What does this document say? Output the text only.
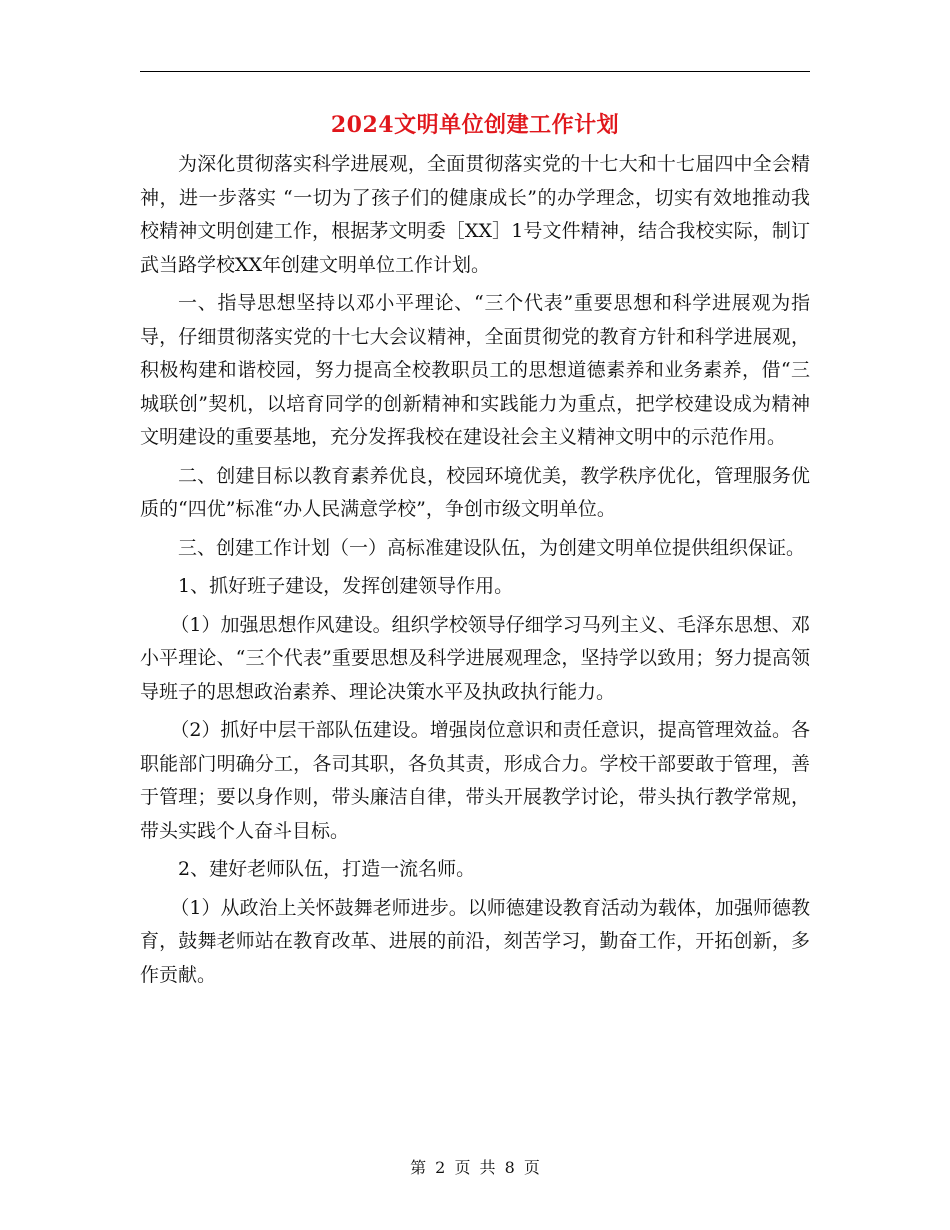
2024文明单位创建工作计划

为深化贯彻落实科学进展观，全面贯彻落实党的十七大和十七届四中全会精神，进一步落实 “一切为了孩子们的健康成长”的办学理念，切实有效地推动我校精神文明创建工作，根据茅文明委［XX］1号文件精神，结合我校实际，制订武当路学校XX年创建文明单位工作计划。

一、指导思想坚持以邓小平理论、“三个代表”重要思想和科学进展观为指导，仔细贯彻落实党的十七大会议精神，全面贯彻党的教育方针和科学进展观，积极构建和谐校园，努力提高全校教职员工的思想道德素养和业务素养，借“三城联创”契机，以培育同学的创新精神和实践能力为重点，把学校建设成为精神文明建设的重要基地，充分发挥我校在建设社会主义精神文明中的示范作用。

二、创建目标以教育素养优良，校园环境优美，教学秩序优化，管理服务优质的“四优”标准“办人民满意学校”，争创市级文明单位。

三、创建工作计划（一）高标准建设队伍，为创建文明单位提供组织保证。

1、抓好班子建设，发挥创建领导作用。

（1）加强思想作风建设。组织学校领导仔细学习马列主义、毛泽东思想、邓小平理论、“三个代表”重要思想及科学进展观理念，坚持学以致用；努力提高领导班子的思想政治素养、理论决策水平及执政执行能力。

（2）抓好中层干部队伍建设。增强岗位意识和责任意识，提高管理效益。各职能部门明确分工，各司其职，各负其责，形成合力。学校干部要敢于管理，善于管理；要以身作则，带头廉洁自律，带头开展教学讨论，带头执行教学常规，带头实践个人奋斗目标。

2、建好老师队伍，打造一流名师。

（1）从政治上关怀鼓舞老师进步。以师德建设教育活动为载体，加强师德教育，鼓舞老师站在教育改革、进展的前沿，刻苦学习，勤奋工作，开拓创新，多作贡献。

第 2 页 共 8 页
